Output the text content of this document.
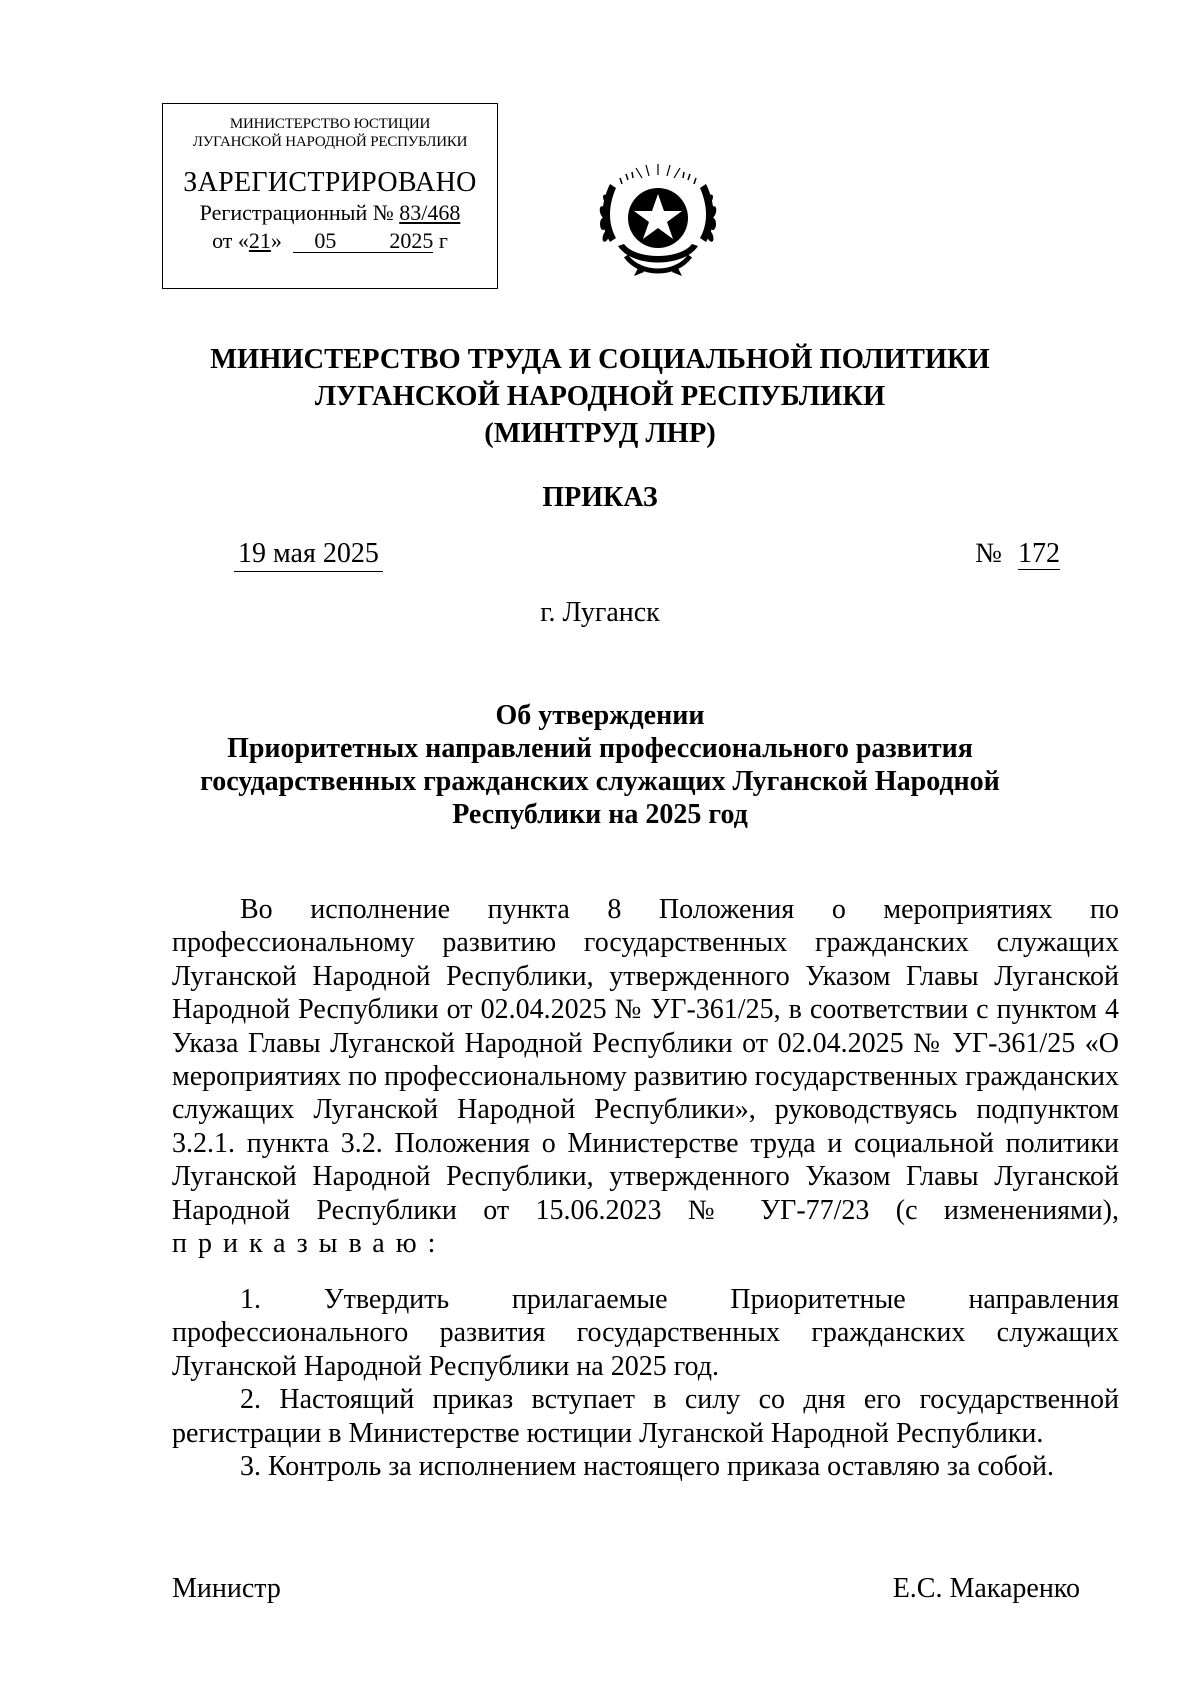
МИНИСТЕРСТВО ЮСТИЦИИ
ЛУГАНСКОЙ НАРОДНОЙ РЕСПУБЛИКИ
ЗАРЕГИСТРИРОВАНО
Регистрационный № 83/468
от «21» 05 2025 г
МИНИСТЕРСТВО ТРУДА И СОЦИАЛЬНОЙ ПОЛИТИКИ
ЛУГАНСКОЙ НАРОДНОЙ РЕСПУБЛИКИ
(МИНТРУД ЛНР)
ПРИКАЗ
19 мая 2025	№ 172
г. Луганск
Об утверждении
Приоритетных направлений профессионального развития
государственных гражданских служащих Луганской Народной
Республики на 2025 год
Во исполнение пункта 8 Положения о мероприятиях по профессиональному развитию государственных гражданских служащих Луганской Народной Республики, утвержденного Указом Главы Луганской Народной Республики от 02.04.2025 № УГ-361/25, в соответствии с пунктом 4 Указа Главы Луганской Народной Республики от 02.04.2025 № УГ-361/25 «О мероприятиях по профессиональному развитию государственных гражданских служащих Луганской Народной Республики», руководствуясь подпунктом 3.2.1. пункта 3.2. Положения о Министерстве труда и социальной политики Луганской Народной Республики, утвержденного Указом Главы Луганской Народной Республики от 15.06.2023 № УГ-77/23 (с изменениями), приказываю:

1. Утвердить прилагаемые Приоритетные направления профессионального развития государственных гражданских служащих Луганской Народной Республики на 2025 год.

2. Настоящий приказ вступает в силу со дня его государственной регистрации в Министерстве юстиции Луганской Народной Республики.

3. Контроль за исполнением настоящего приказа оставляю за собой.

Министр	Е.С. Макаренко
